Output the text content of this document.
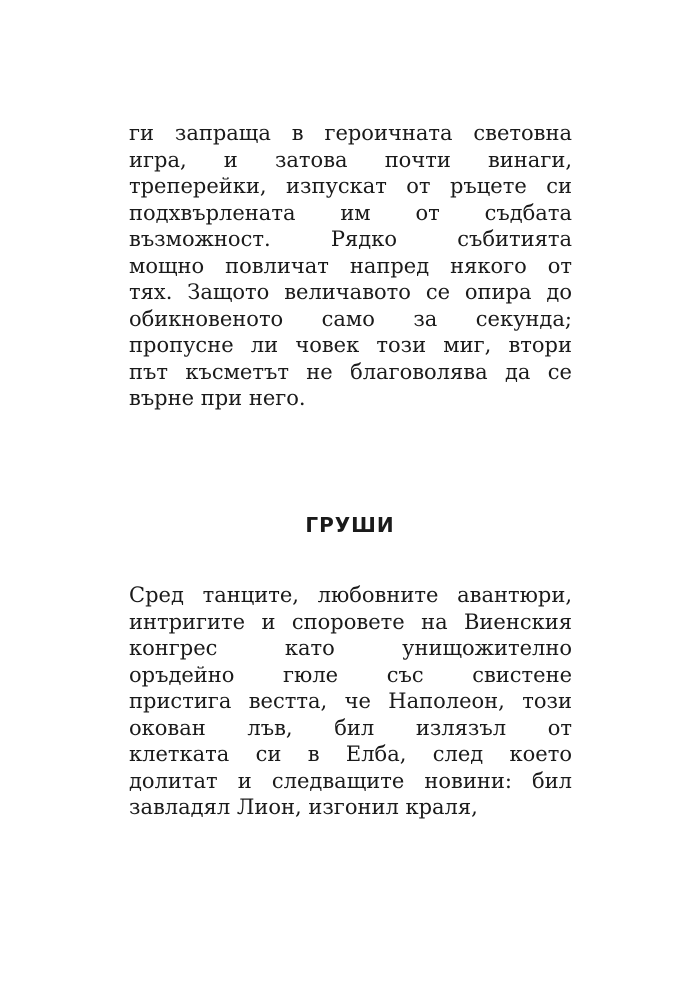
ги запраща в героичната световна
игра, и затова почти винаги,
треперейки, изпускат от ръцете си
подхвърлената им от съдбата
възможност.	Рядко	събитията
мощно повличат напред някого от
тях. Защото величавото се опира до
обикновеното само за секунда;
пропусне ли човек този миг, втори
път късметът не благоволява да се
върне при него.
ГРУШИ
Сред танците, любовните авантюри,
интригите и споровете на Виенския
конгрес	като	унищожително
оръдейно гюле със свистене
пристига вестта, че Наполеон, този
окован лъв, бил излязъл от
клетката си в Елба, след което
долитат и следващите новини: бил
завладял Лион, изгонил краля,
